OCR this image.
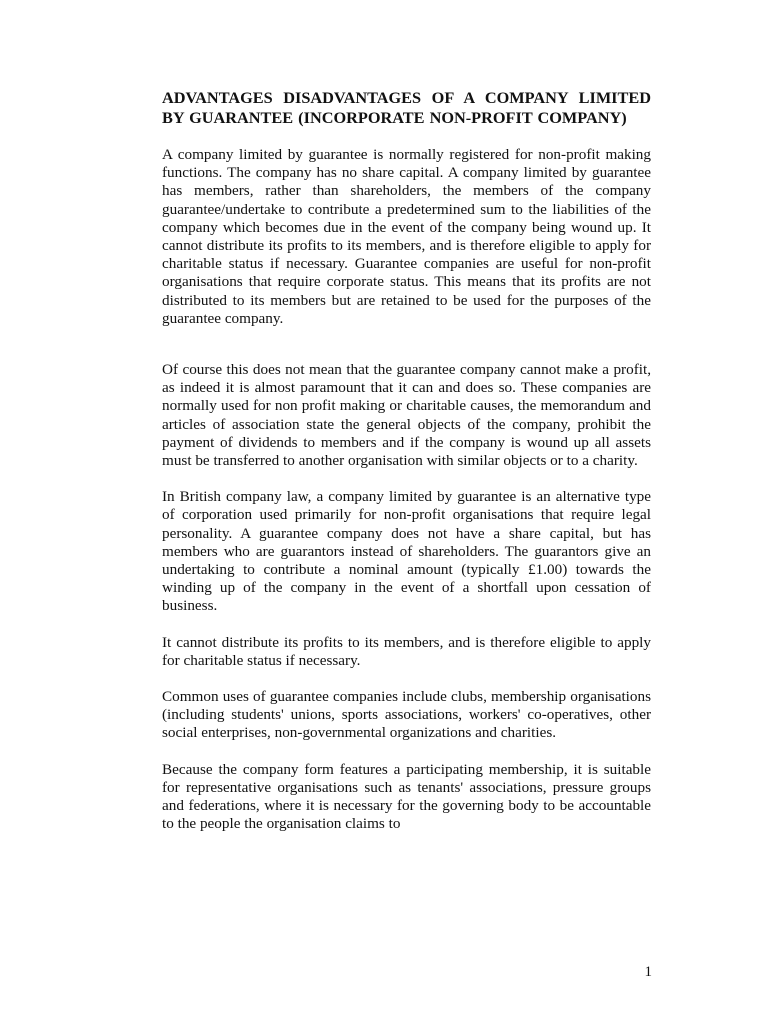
ADVANTAGES DISADVANTAGES OF A COMPANY LIMITED BY GUARANTEE (INCORPORATE NON-PROFIT COMPANY)

A company limited by guarantee is normally registered for non-profit making functions. The company has no share capital. A company limited by guarantee has members, rather than shareholders, the members of the company guarantee/undertake to contribute a predetermined sum to the liabilities of the company which becomes due in the event of the company being wound up. It cannot distribute its profits to its members, and is therefore eligible to apply for charitable status if necessary. Guarantee companies are useful for non-profit organisations that require corporate status. This means that its profits are not distributed to its members but are retained to be used for the purposes of the guarantee company.

Of course this does not mean that the guarantee company cannot make a profit, as indeed it is almost paramount that it can and does so. These companies are normally used for non profit making or charitable causes, the memorandum and articles of association state the general objects of the company, prohibit the payment of dividends to members and if the company is wound up all assets must be transferred to another organisation with similar objects or to a charity.

In British company law, a company limited by guarantee is an alternative type of corporation used primarily for non-profit organisations that require legal personality. A guarantee company does not have a share capital, but has members who are guarantors instead of shareholders. The guarantors give an undertaking to contribute a nominal amount (typically £1.00) towards the winding up of the company in the event of a shortfall upon cessation of business.

It cannot distribute its profits to its members, and is therefore eligible to apply for charitable status if necessary.

Common uses of guarantee companies include clubs, membership organisations (including students' unions, sports associations, workers' co-operatives, other social enterprises, non-governmental organizations and charities.

Because the company form features a participating membership, it is suitable for representative organisations such as tenants' associations, pressure groups and federations, where it is necessary for the governing body to be accountable to the people the organisation claims to

1
